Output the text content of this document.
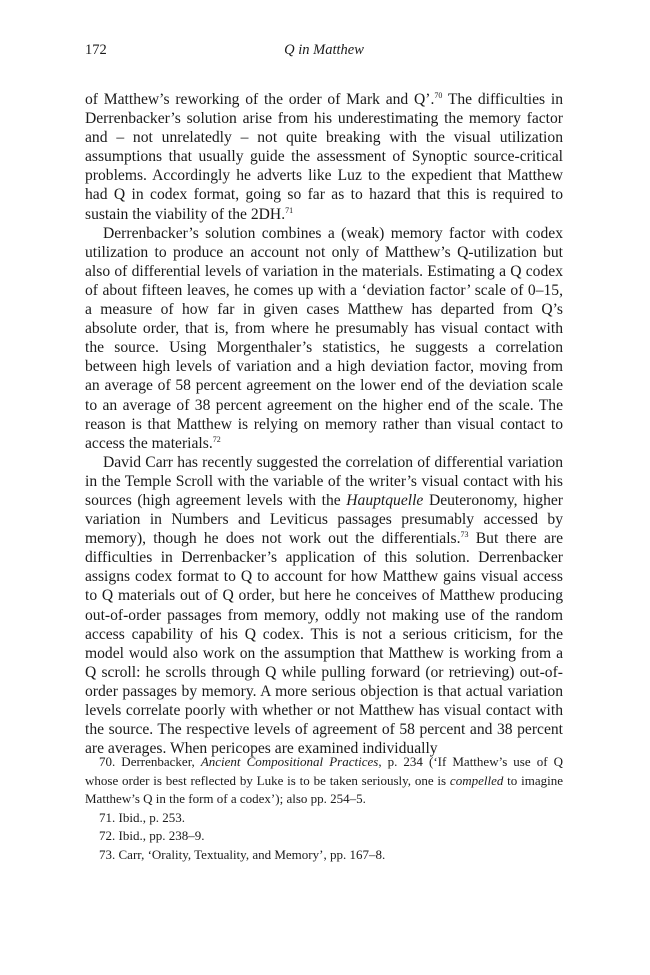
172	Q in Matthew

of Matthew’s reworking of the order of Mark and Q’.$^{70}$ The difficulties in Derrenbacker’s solution arise from his underestimating the memory factor and – not unrelatedly – not quite breaking with the visual utilization assumptions that usually guide the assessment of Synoptic source-critical problems. Accordingly he adverts like Luz to the expedient that Matthew had Q in codex format, going so far as to hazard that this is required to sustain the viability of the 2DH.$^{71}$

Derrenbacker’s solution combines a (weak) memory factor with codex utilization to produce an account not only of Matthew’s Q-utilization but also of differential levels of variation in the materials. Estimating a Q codex of about fifteen leaves, he comes up with a ‘deviation factor’ scale of 0–15, a measure of how far in given cases Matthew has departed from Q’s absolute order, that is, from where he presumably has visual contact with the source. Using Morgenthaler’s statistics, he suggests a correlation between high levels of variation and a high deviation factor, moving from an average of 58 percent agreement on the lower end of the deviation scale to an average of 38 percent agreement on the higher end of the scale. The reason is that Matthew is relying on memory rather than visual contact to access the materials.$^{72}$

David Carr has recently suggested the correlation of differential variation in the Temple Scroll with the variable of the writer’s visual contact with his sources (high agreement levels with the Hauptquelle Deuteronomy, higher variation in Numbers and Leviticus passages presumably accessed by memory), though he does not work out the differentials.$^{73}$ But there are difficulties in Derrenbacker’s application of this solution. Derrenbacker assigns codex format to Q to account for how Matthew gains visual access to Q materials out of Q order, but here he conceives of Matthew producing out-of-order passages from memory, oddly not making use of the random access capability of his Q codex. This is not a serious criticism, for the model would also work on the assumption that Matthew is working from a Q scroll: he scrolls through Q while pulling forward (or retrieving) out-of-order passages by memory. A more serious objection is that actual variation levels correlate poorly with whether or not Matthew has visual contact with the source. The respective levels of agreement of 58 percent and 38 percent are averages. When pericopes are examined individually

70. Derrenbacker, Ancient Compositional Practices, p. 234 (‘If Matthew’s use of Q whose order is best reflected by Luke is to be taken seriously, one is compelled to imagine Matthew’s Q in the form of a codex’); also pp. 254–5.

71. Ibid., p. 253.

72. Ibid., pp. 238–9.

73. Carr, ‘Orality, Textuality, and Memory’, pp. 167–8.
